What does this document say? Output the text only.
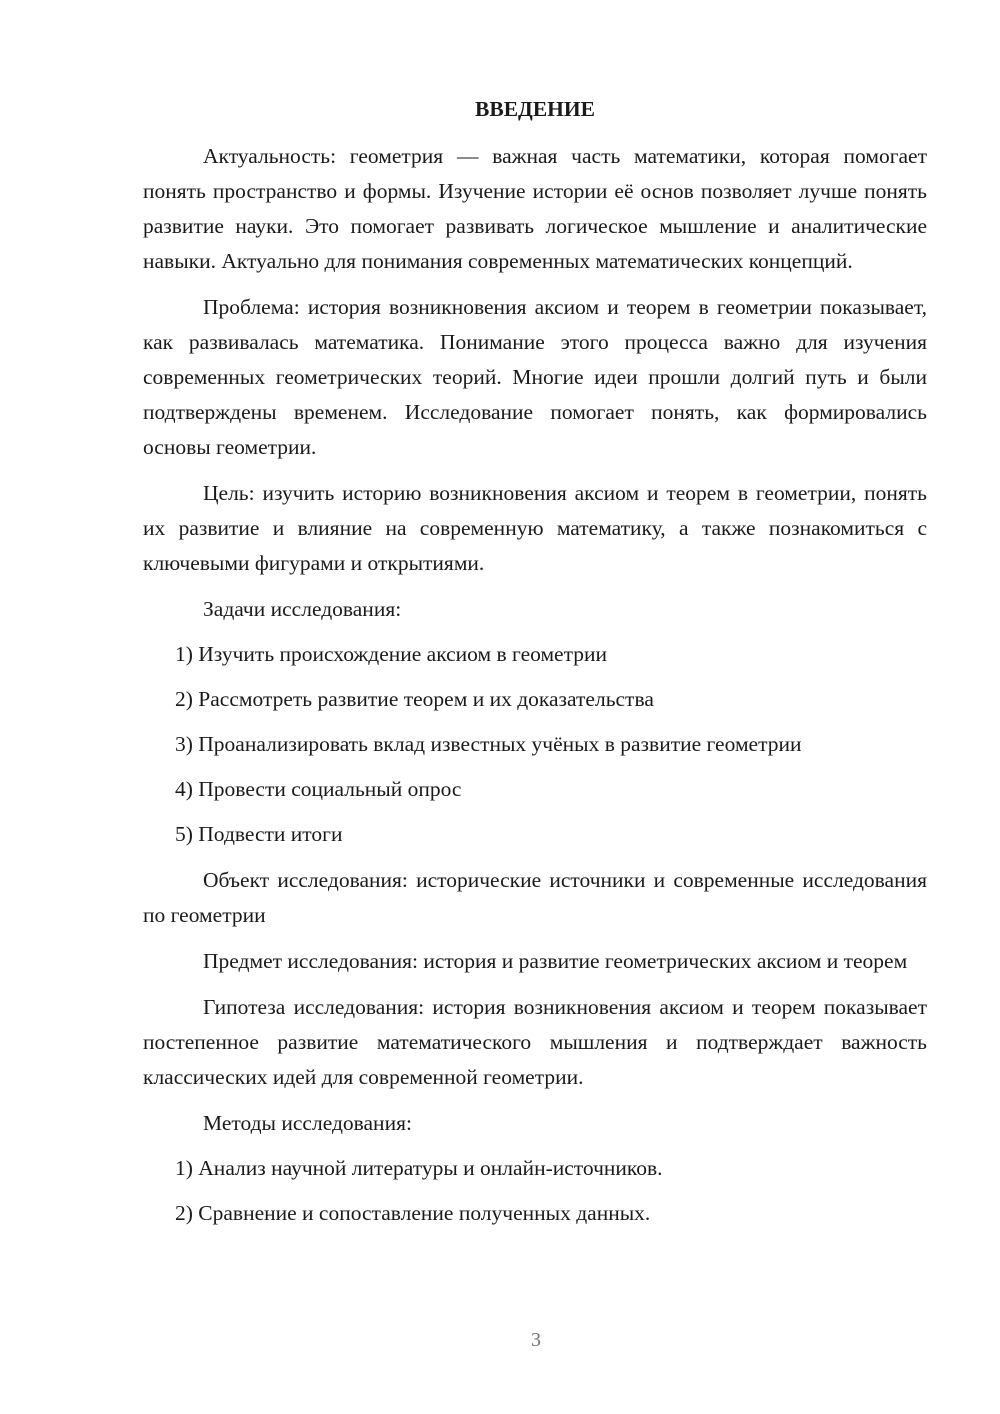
ВВЕДЕНИЕ

Актуальность: геометрия — важная часть математики, которая помогает понять пространство и формы. Изучение истории её основ позволяет лучше понять развитие науки. Это помогает развивать логическое мышление и аналитические навыки. Актуально для понимания современных математических концепций.

Проблема: история возникновения аксиом и теорем в геометрии показывает, как развивалась математика. Понимание этого процесса важно для изучения современных геометрических теорий. Многие идеи прошли долгий путь и были подтверждены временем. Исследование помогает понять, как формировались основы геометрии.

Цель: изучить историю возникновения аксиом и теорем в геометрии, понять их развитие и влияние на современную математику, а также познакомиться с ключевыми фигурами и открытиями.

Задачи исследования:

1) Изучить происхождение аксиом в геометрии
2) Рассмотреть развитие теорем и их доказательства
3) Проанализировать вклад известных учёных в развитие геометрии
4) Провести социальный опрос
5) Подвести итоги

Объект исследования: исторические источники и современные исследования по геометрии

Предмет исследования: история и развитие геометрических аксиом и теорем

Гипотеза исследования: история возникновения аксиом и теорем показывает постепенное развитие математического мышления и подтверждает важность классических идей для современной геометрии.

Методы исследования:

1) Анализ научной литературы и онлайн-источников.
2) Сравнение и сопоставление полученных данных.
3
